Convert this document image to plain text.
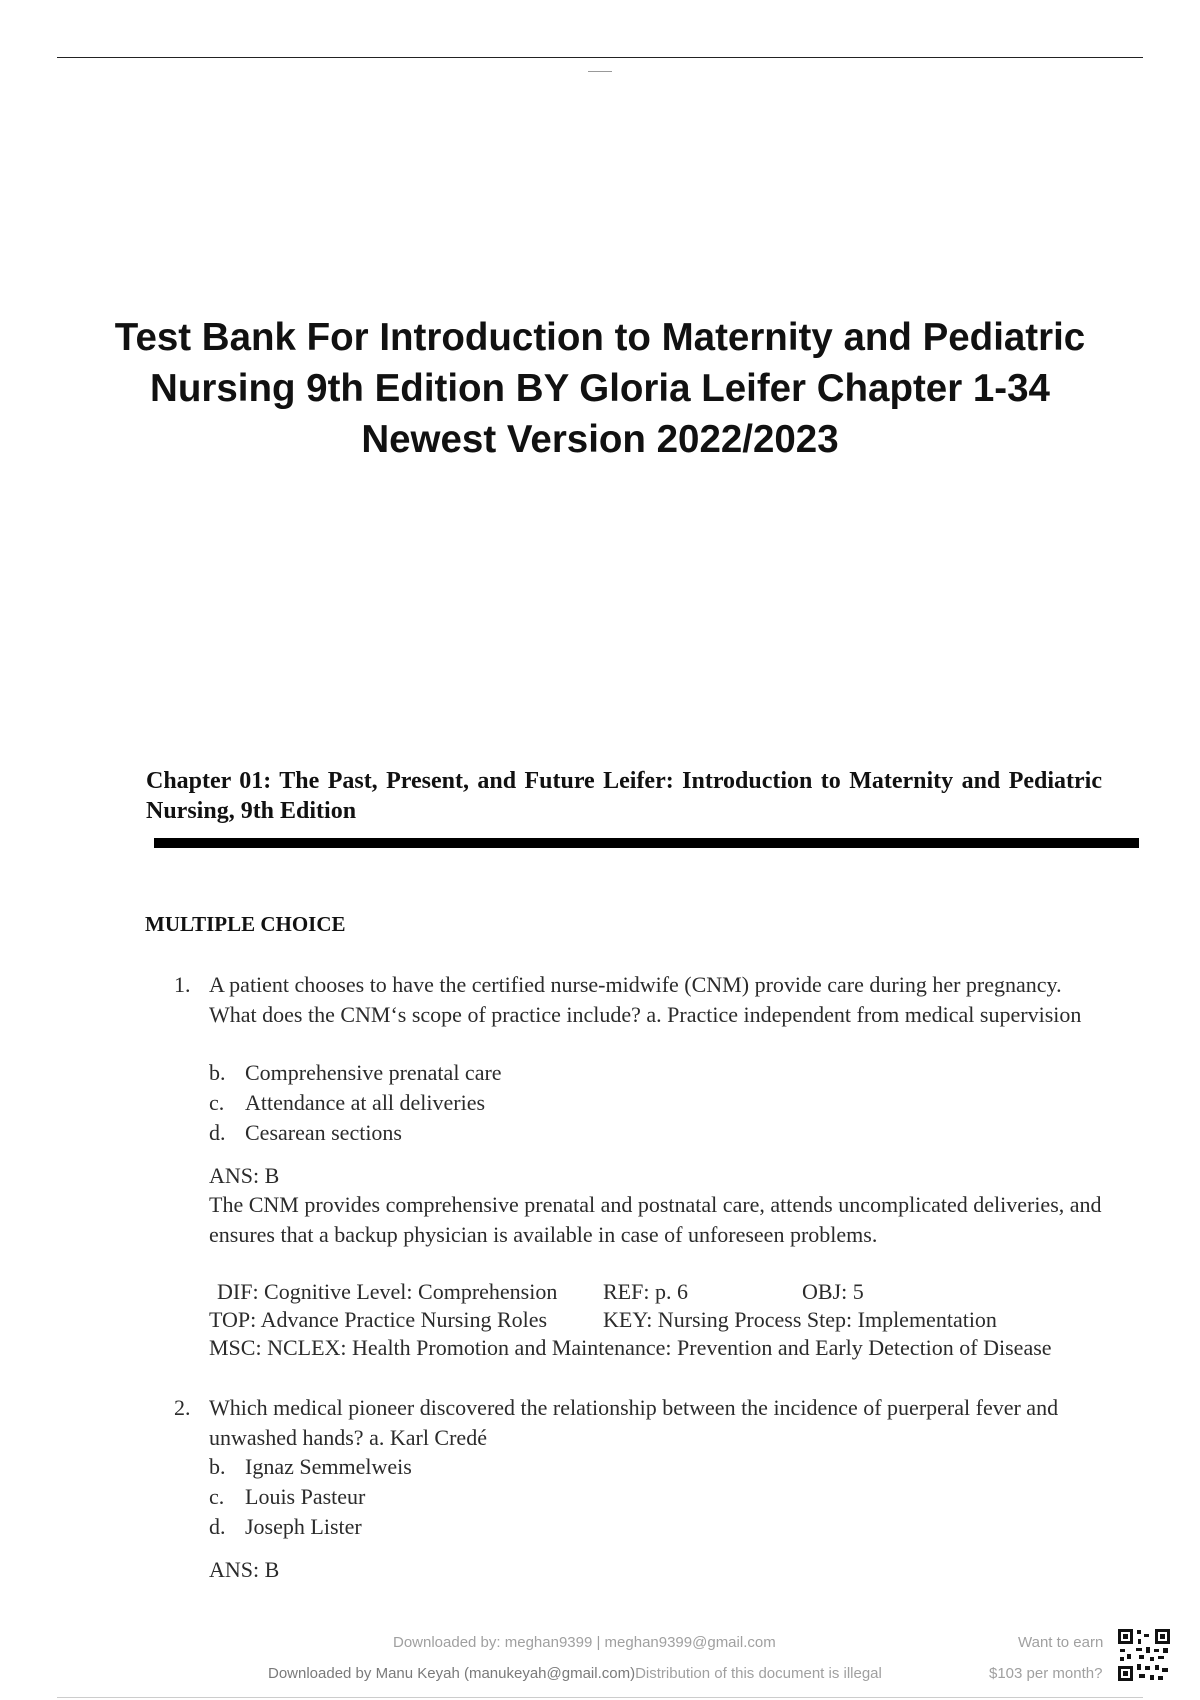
Test Bank For Introduction to Maternity and Pediatric
Nursing 9th Edition BY Gloria Leifer Chapter 1-34
Newest Version 2022/2023
Chapter 01: The Past, Present, and Future Leifer: Introduction to Maternity and Pediatric Nursing, 9th Edition
MULTIPLE CHOICE
1. A patient chooses to have the certified nurse-midwife (CNM) provide care during her pregnancy. What does the CNM‘s scope of practice include? a. Practice independent from medical supervision
b. Comprehensive prenatal care
c. Attendance at all deliveries
d. Cesarean sections
ANS: B
The CNM provides comprehensive prenatal and postnatal care, attends uncomplicated deliveries, and ensures that a backup physician is available in case of unforeseen problems.
DIF: Cognitive Level: Comprehension REF: p. 6	OBJ: 5
TOP: Advance Practice Nursing Roles	KEY: Nursing Process Step: Implementation
MSC: NCLEX: Health Promotion and Maintenance: Prevention and Early Detection of Disease
2. Which medical pioneer discovered the relationship between the incidence of puerperal fever and unwashed hands? a. Karl Credé
b. Ignaz Semmelweis
c. Louis Pasteur
d. Joseph Lister
ANS: B
Downloaded by: meghan9399 | meghan9399@gmail.com
Downloaded by Manu Keyah (manukeyah@gmail.com)Distribution of this document is illegal
Want to earn
$103 per month?
